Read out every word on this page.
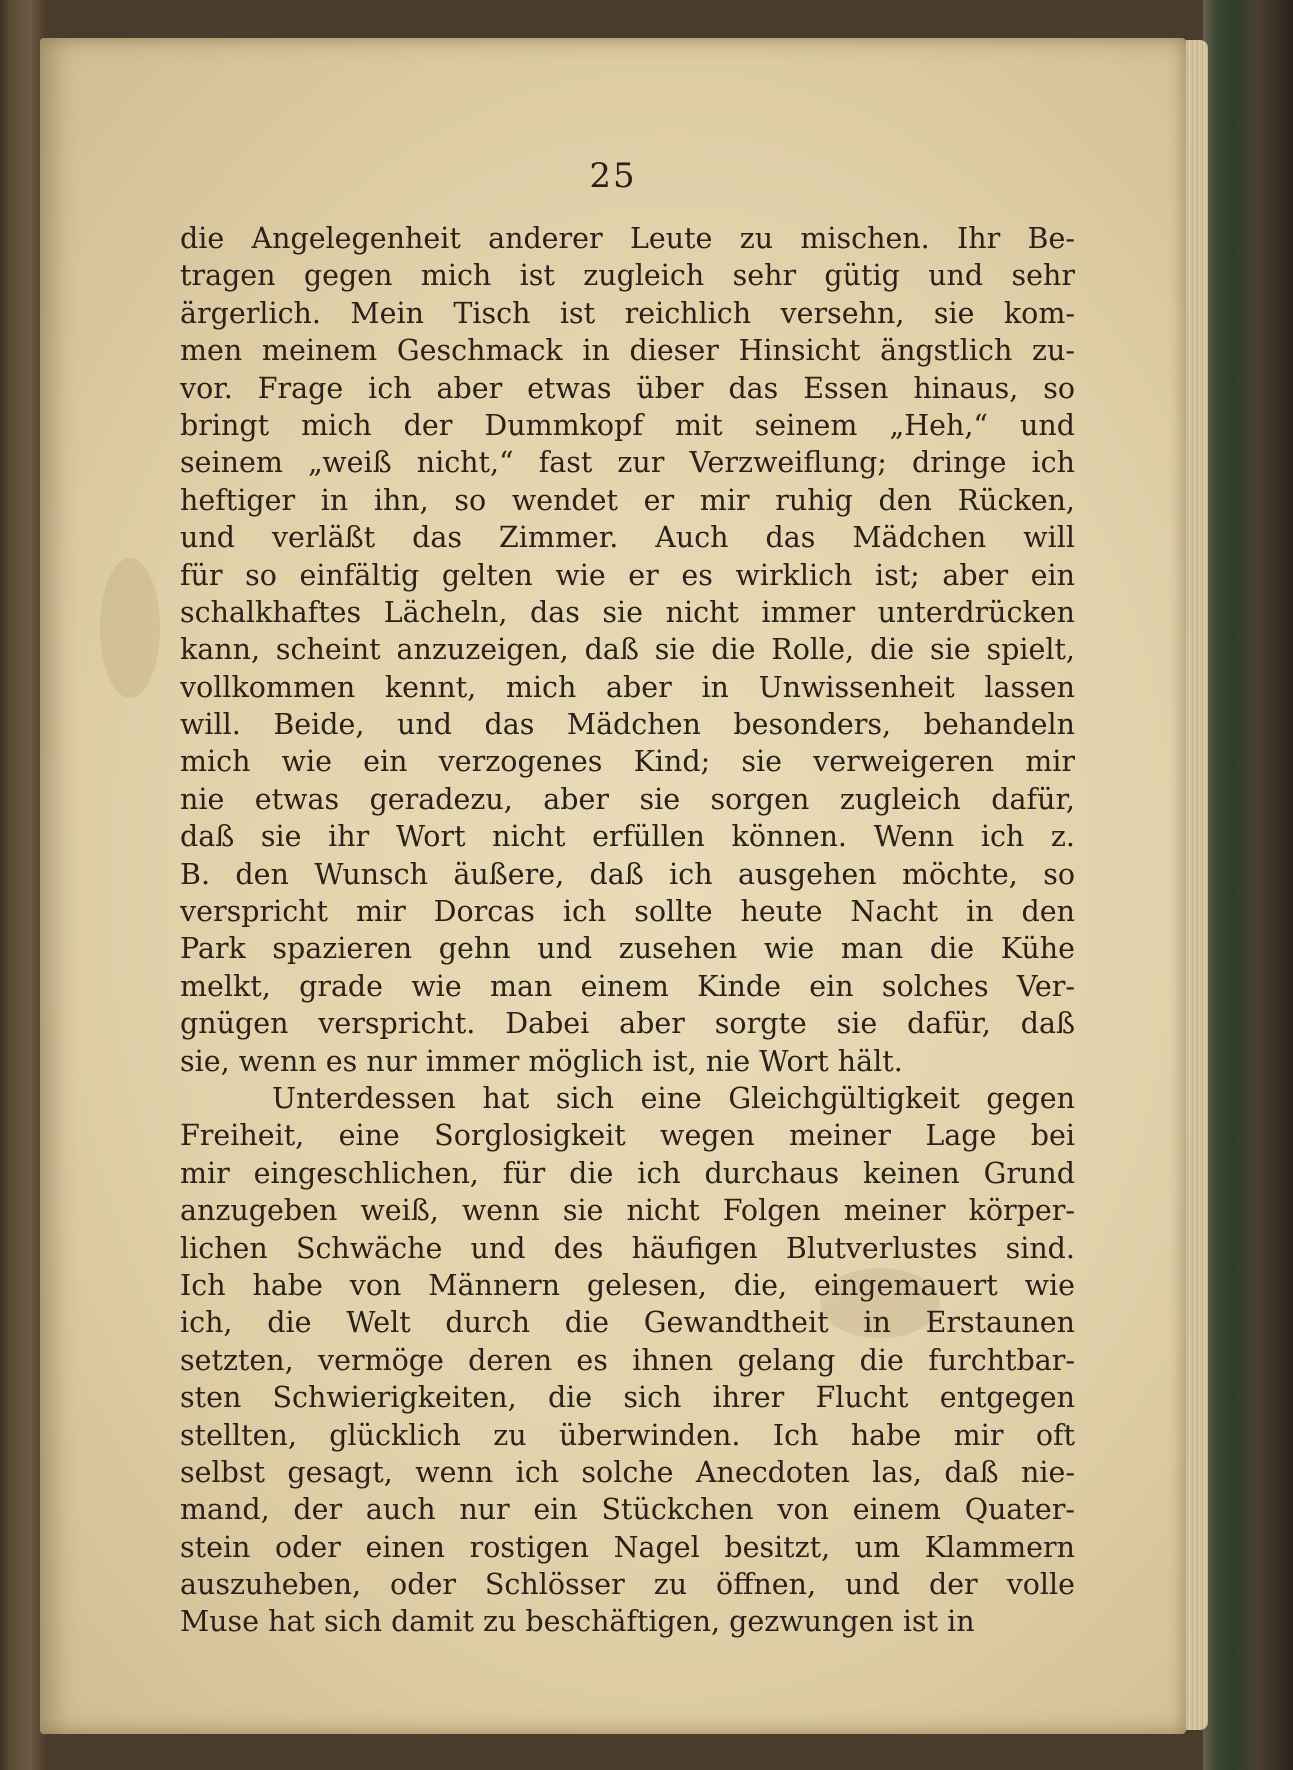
25
die Angelegenheit anderer Leute zu mischen. Ihr Be-
tragen gegen mich ist zugleich sehr gütig und sehr
ärgerlich. Mein Tisch ist reichlich versehn, sie kom-
men meinem Geschmack in dieser Hinsicht ängstlich zu-
vor. Frage ich aber etwas über das Essen hinaus, so
bringt mich der Dummkopf mit seinem „Heh,“ und
seinem „weiß nicht,“ fast zur Verzweiflung; dringe ich
heftiger in ihn, so wendet er mir ruhig den Rücken,
und verläßt das Zimmer. Auch das Mädchen will
für so einfältig gelten wie er es wirklich ist; aber ein
schalkhaftes Lächeln, das sie nicht immer unterdrücken
kann, scheint anzuzeigen, daß sie die Rolle, die sie spielt,
vollkommen kennt, mich aber in Unwissenheit lassen
will. Beide, und das Mädchen besonders, behandeln
mich wie ein verzogenes Kind; sie verweigeren mir
nie etwas geradezu, aber sie sorgen zugleich dafür,
daß sie ihr Wort nicht erfüllen können. Wenn ich z.
B. den Wunsch äußere, daß ich ausgehen möchte, so
verspricht mir Dorcas ich sollte heute Nacht in den
Park spazieren gehn und zusehen wie man die Kühe
melkt, grade wie man einem Kinde ein solches Ver-
gnügen verspricht. Dabei aber sorgte sie dafür, daß
sie, wenn es nur immer möglich ist, nie Wort hält.
Unterdessen hat sich eine Gleichgültigkeit gegen
Freiheit, eine Sorglosigkeit wegen meiner Lage bei
mir eingeschlichen, für die ich durchaus keinen Grund
anzugeben weiß, wenn sie nicht Folgen meiner körper-
lichen Schwäche und des häufigen Blutverlustes sind.
Ich habe von Männern gelesen, die, eingemauert wie
ich, die Welt durch die Gewandtheit in Erstaunen
setzten, vermöge deren es ihnen gelang die furchtbar-
sten Schwierigkeiten, die sich ihrer Flucht entgegen
stellten, glücklich zu überwinden. Ich habe mir oft
selbst gesagt, wenn ich solche Anecdoten las, daß nie-
mand, der auch nur ein Stückchen von einem Quater-
stein oder einen rostigen Nagel besitzt, um Klammern
auszuheben, oder Schlösser zu öffnen, und der volle
Muse hat sich damit zu beschäftigen, gezwungen ist in
